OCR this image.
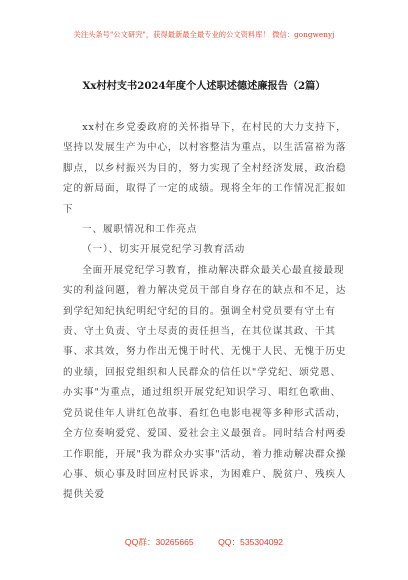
关注头条号"公文研究"，获得最新最全最专业的公文资料库！ 微信：gongwenyj
Xx村村支书2024年度个人述职述德述廉报告（2篇）

xx村在乡党委政府的关怀指导下，在村民的大力支持下，坚持以发展生产为中心，以村容整洁为重点，以生活富裕为落脚点，以乡村振兴为目的，努力实现了全村经济发展，政治稳定的新局面，取得了一定的成绩。现将全年的工作情况汇报如下

一、履职情况和工作亮点

（一）、切实开展党纪学习教育活动

全面开展党纪学习教育，推动解决群众最关心最直接最现实的利益问题，着力解决党员干部自身存在的缺点和不足，达到学纪知纪执纪明纪守纪的目的。强调全村党员要有守土有责、守土负责、守土尽责的责任担当，在其位谋其政、干其事、求其效，努力作出无愧于时代、无愧于人民、无愧于历史的业绩，回报党组织和人民群众的信任以"学党纪、颂党恩、办实事"为重点，通过组织开展党纪知识学习、唱红色歌曲、党员说佳年人讲红色故事、看红色电影电视等多种形式活动，全方位奏响爱党、爱国、爱社会主义最强音。同时结合村两委工作职能，开展"我为群众办实事"活动，着力推动解决群众操心事、烦心事及时回应村民诉求，为困难户、脱贫户、残疾人提供关爱

QQ群：30265665	QQ：535304092
